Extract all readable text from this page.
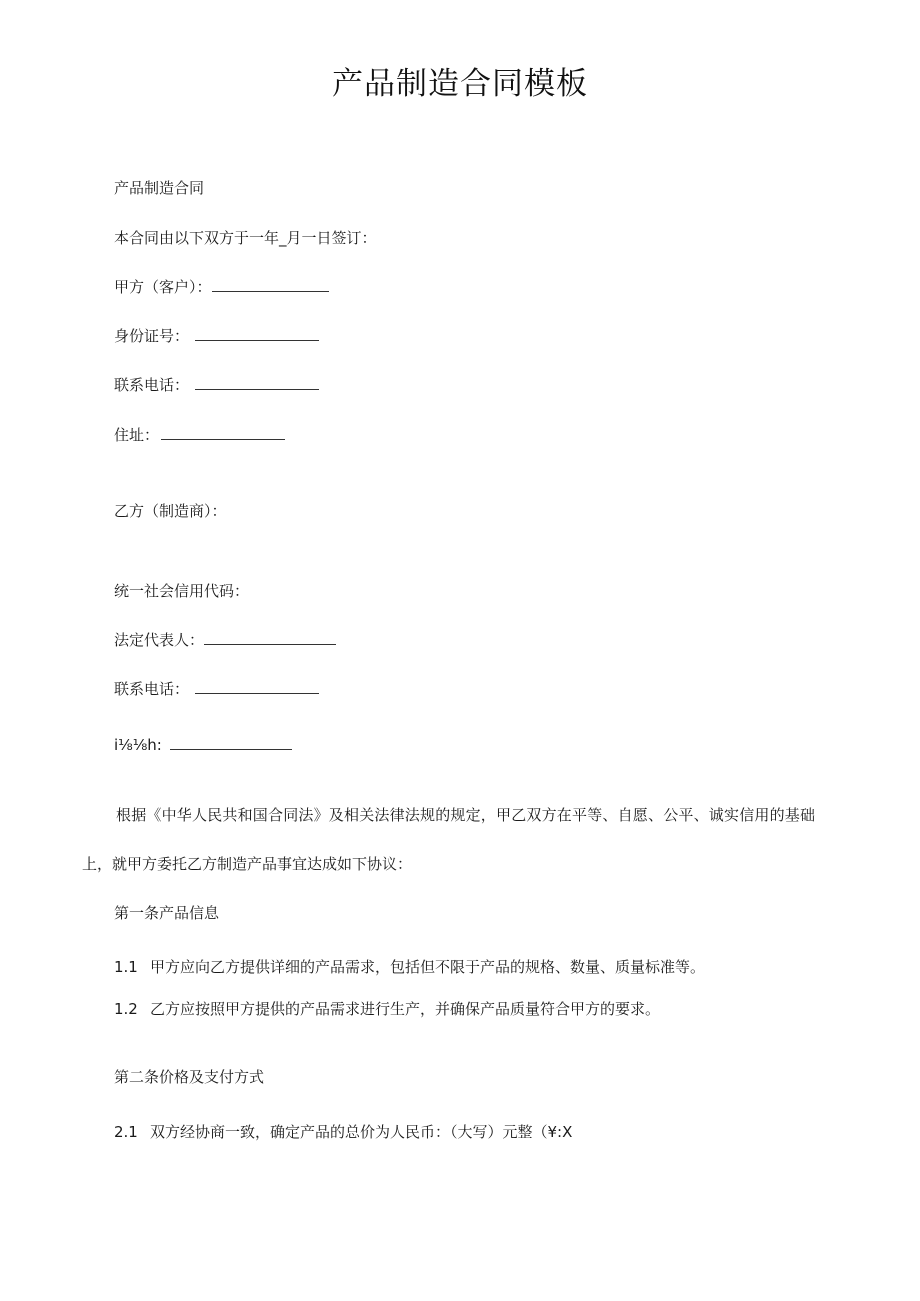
产品制造合同模板
产品制造合同
本合同由以下双方于一年_月一日签订：
甲方（客户）：
身份证号：
联系电话：
住址：
乙方（制造商）：
统一社会信用代码：
法定代表人：
联系电话：
i⅛⅛h:
根据《中华人民共和国合同法》及相关法律法规的规定，甲乙双方在平等、自愿、公平、诚实信用的基础
上，就甲方委托乙方制造产品事宜达成如下协议：
第一条产品信息
1.1 甲方应向乙方提供详细的产品需求，包括但不限于产品的规格、数量、质量标准等。
1.2 乙方应按照甲方提供的产品需求进行生产，并确保产品质量符合甲方的要求。
第二条价格及支付方式
2.1 双方经协商一致，确定产品的总价为人民币：（大写）元整（¥:X
